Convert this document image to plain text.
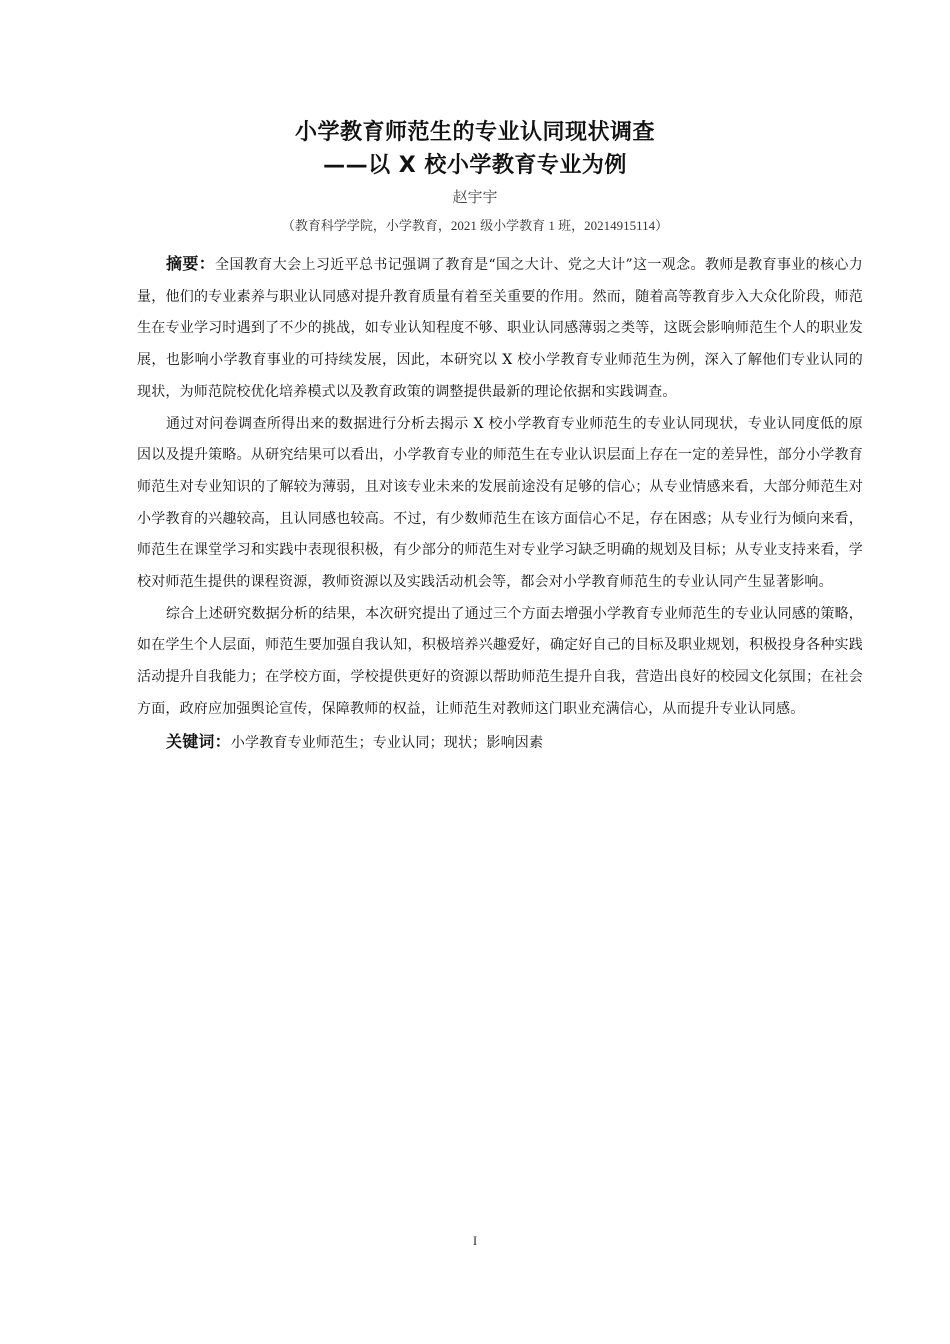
小学教育师范生的专业认同现状调查
——以 X 校小学教育专业为例
赵宇宇
（教育科学学院，小学教育，2021 级小学教育 1 班，20214915114）

摘要：全国教育大会上习近平总书记强调了教育是“国之大计、党之大计”这一观念。教师是教育事业的核心力量，他们的专业素养与职业认同感对提升教育质量有着至关重要的作用。然而，随着高等教育步入大众化阶段，师范生在专业学习时遇到了不少的挑战，如专业认知程度不够、职业认同感薄弱之类等，这既会影响师范生个人的职业发展，也影响小学教育事业的可持续发展，因此，本研究以 X 校小学教育专业师范生为例，深入了解他们专业认同的现状，为师范院校优化培养模式以及教育政策的调整提供最新的理论依据和实践调查。

通过对问卷调查所得出来的数据进行分析去揭示 X 校小学教育专业师范生的专业认同现状，专业认同度低的原因以及提升策略。从研究结果可以看出，小学教育专业的师范生在专业认识层面上存在一定的差异性，部分小学教育师范生对专业知识的了解较为薄弱，且对该专业未来的发展前途没有足够的信心；从专业情感来看，大部分师范生对小学教育的兴趣较高，且认同感也较高。不过，有少数师范生在该方面信心不足，存在困惑；从专业行为倾向来看，师范生在课堂学习和实践中表现很积极，有少部分的师范生对专业学习缺乏明确的规划及目标；从专业支持来看，学校对师范生提供的课程资源，教师资源以及实践活动机会等，都会对小学教育师范生的专业认同产生显著影响。

综合上述研究数据分析的结果，本次研究提出了通过三个方面去增强小学教育专业师范生的专业认同感的策略，如在学生个人层面，师范生要加强自我认知，积极培养兴趣爱好，确定好自己的目标及职业规划，积极投身各种实践活动提升自我能力；在学校方面，学校提供更好的资源以帮助师范生提升自我，营造出良好的校园文化氛围；在社会方面，政府应加强舆论宣传，保障教师的权益，让师范生对教师这门职业充满信心，从而提升专业认同感。

关键词：小学教育专业师范生；专业认同；现状；影响因素

I
